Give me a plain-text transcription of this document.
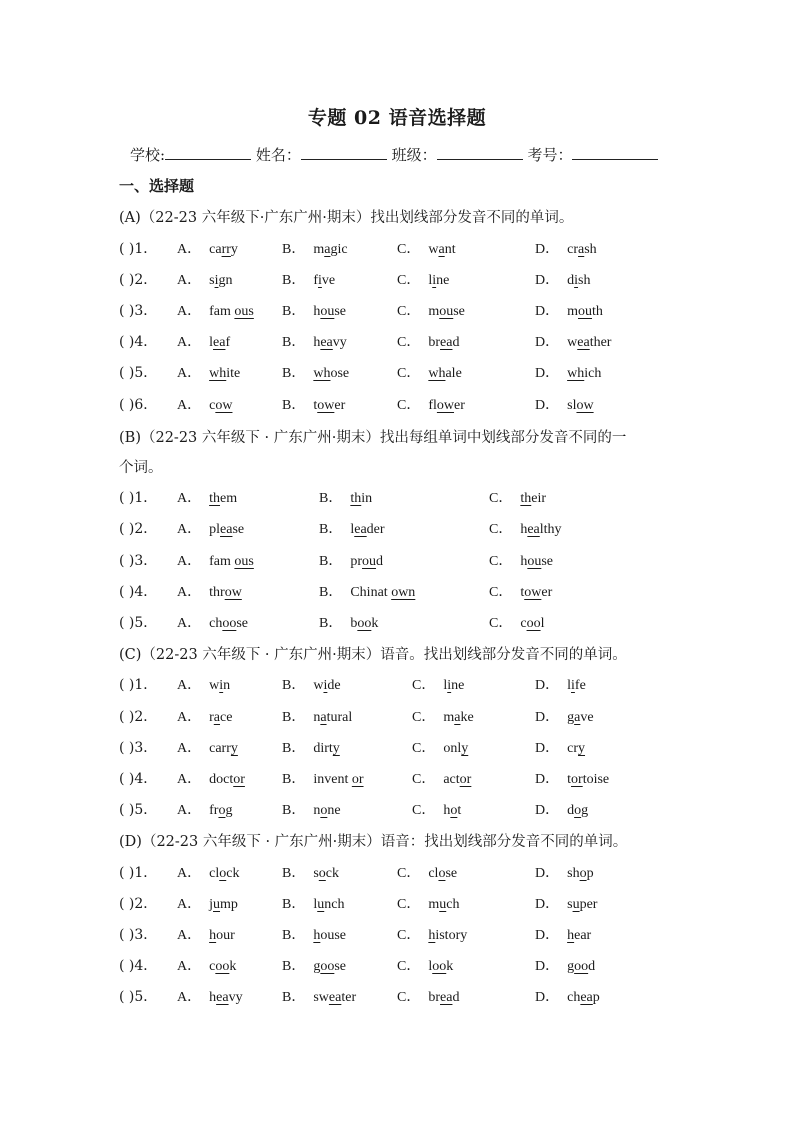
专题 02 语音选择题
学校:	姓名：	班级：	考号：
一、选择题
(A)（22-23 六年级下·广东广州·期末）找出划线部分发音不同的单词。
( )1． A． carry	B． magic	C． want	D． crash
( )2． A． sign	B． five	C． line	D． dish
( )3． A． fam ous B． house	C． mouse	D． mouth
( )4． A． leaf	B． heavy	C． bread	D． weather
( )5． A． white	B． whose	C． whale	D． which
( )6． A． cow	B． tower	C． flower	D． slow
(B)（22-23 六年级下 · 广东广州·期末）找出每组单词中划线部分发音不同的一
个词。
( )1． A． them	B． thin	C． their
( )2． A． please	B． leader	C． healthy
( )3． A． fam ous	B． proud	C． house
( )4． A． throw	B． Chinat own	C． tower
( )5． A． choose	B． book	C． cool
(C)（22-23 六年级下 · 广东广州·期末）语音。找出划线部分发音不同的单词。
( )1． A． win	B． wide	C． line	D． life
( )2． A． race	B． natural	C． make	D． gave
( )3． A． carry	B． dirty	C． only	D． cry
( )4． A． doctor	B． invent or	C． actor	D． tortoise
( )5． A． frog	B． none	C． hot	D． dog
(D)（22-23 六年级下 · 广东广州·期末）语音：找出划线部分发音不同的单词。
( )1． A． clock	B． sock	C． close	D． shop
( )2． A． jump	B． lunch	C． much	D． super
( )3． A． hour	B． house	C． history	D． hear
( )4． A． cook	B． goose	C． look	D． good
( )5． A． heavy	B． sweater	C． bread	D． cheap
